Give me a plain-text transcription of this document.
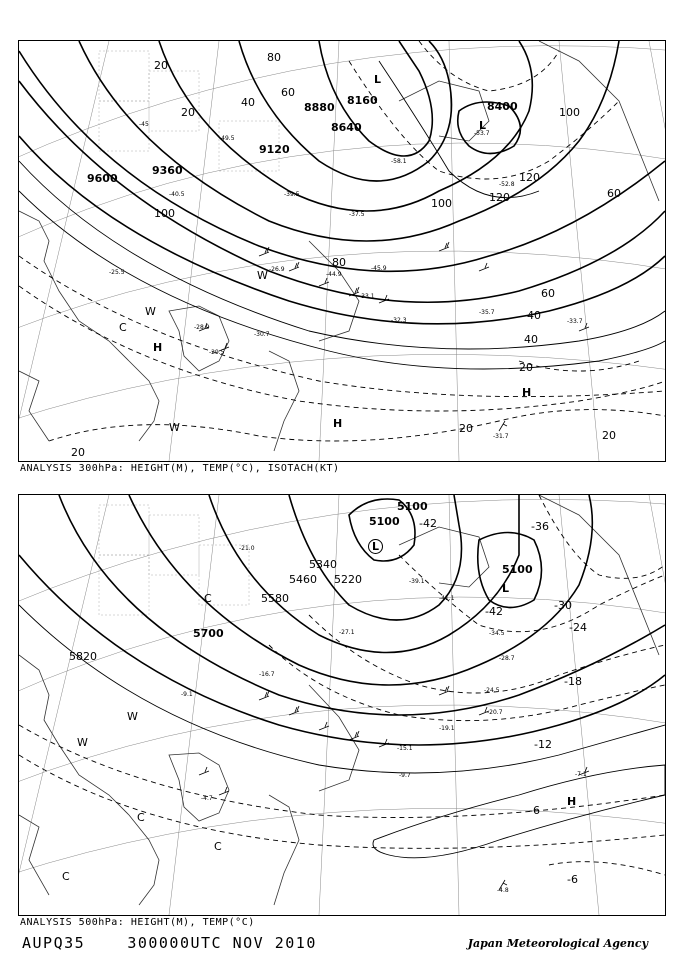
9600
9360
9120
8880
8640
8400
8160
20
20
40
60
80
100
120
100
60
40
20
20
20
20
40
60
80
100
120
-45
-40.5	-39.5
-37.5
-35.7
-33.1
-32.3
-30.7
-29.5
-28.9
-26.9
-25.5
-58.1
-53.7
-52.8
-49.5
-45.9
-44.9
-31.7
-33.7
L
L
H
H
H
C
W
W
W
ANALYSIS 300hPa: HEIGHT(M), TEMP(°C), ISOTACH(KT)
5820
5700
5580
5460
5340
5220
5100
5100
5100
-42
-42
-36
-30
-24
-18
-12
-6
-6
-39.1
-41.1
-34.5
-28.7
-24.5
-20.7
-19.1
-15.1
-9.7	-7.1
-4.8
-4.7
-9.1
-16.7
-27.1
-21.0	L
L
H
C
C
C
C
W
W
ANALYSIS 500hPa: HEIGHT(M), TEMP(°C)
AUPQ35	300000UTC NOV 2010	Japan Meteorological Agency
